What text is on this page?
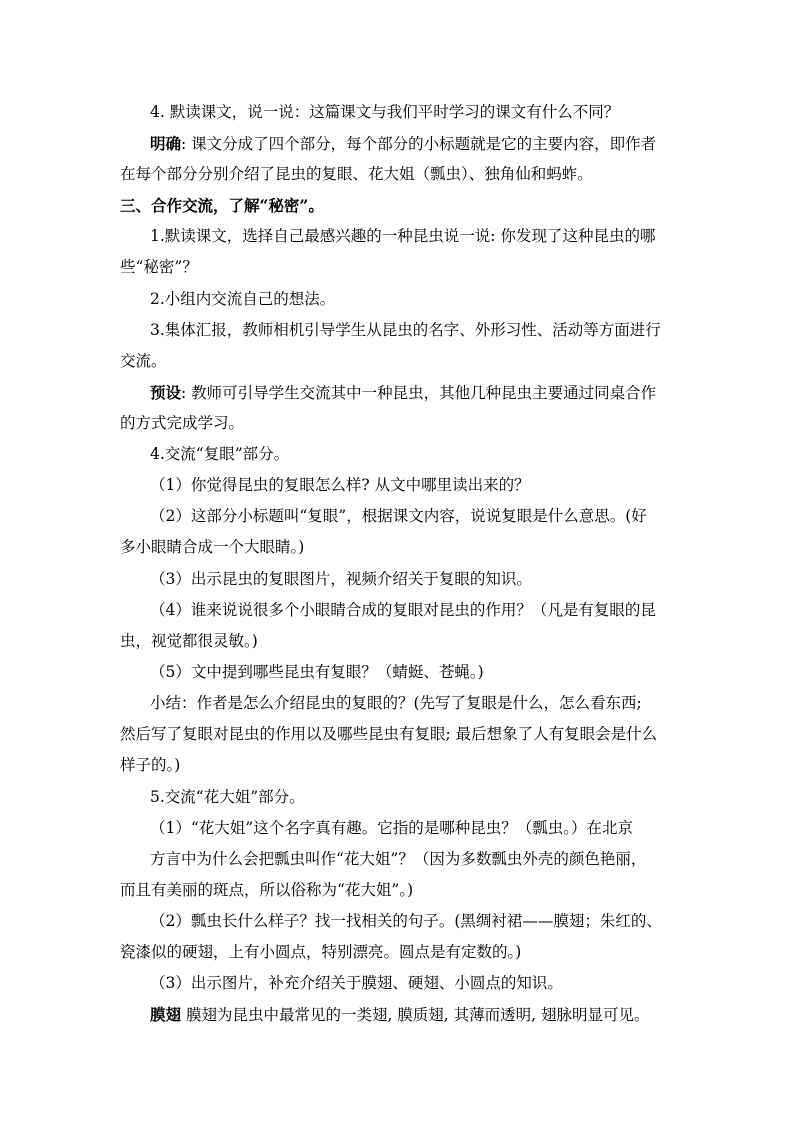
4. 默读课文，说一说：这篇课文与我们平时学习的课文有什么不同？
明确: 课文分成了四个部分，每个部分的小标题就是它的主要内容，即作者
在每个部分分别介绍了昆虫的复眼、花大姐（瓢虫）、独角仙和蚂蚱。
三、合作交流，了解“秘密”。
1.默读课文，选择自己最感兴趣的一种昆虫说一说: 你发现了这种昆虫的哪
些“秘密”？
2.小组内交流自己的想法。
3.集体汇报，教师相机引导学生从昆虫的名字、外形习性、活动等方面进行
交流。
预设: 教师可引导学生交流其中一种昆虫，其他几种昆虫主要通过同桌合作
的方式完成学习。
4.交流“复眼”部分。
（1）你觉得昆虫的复眼怎么样? 从文中哪里读出来的？
（2）这部分小标题叫“复眼”，根据课文内容，说说复眼是什么意思。(好
多小眼睛合成一个大眼睛。)
（3）出示昆虫的复眼图片，视频介绍关于复眼的知识。
（4）谁来说说很多个小眼睛合成的复眼对昆虫的作用？（凡是有复眼的昆
虫，视觉都很灵敏。)
（5）文中提到哪些昆虫有复眼？（蜻蜓、苍蝇。)
小结：作者是怎么介绍昆虫的复眼的？(先写了复眼是什么，怎么看东西;
然后写了复眼对昆虫的作用以及哪些昆虫有复眼; 最后想象了人有复眼会是什么
样子的。)
5.交流“花大姐”部分。
（1）“花大姐”这个名字真有趣。它指的是哪种昆虫？（瓢虫。）在北京
方言中为什么会把瓢虫叫作“花大姐”？（因为多数瓢虫外壳的颜色艳丽，
而且有美丽的斑点，所以俗称为“花大姐”。)
（2）瓢虫长什么样子？找一找相关的句子。(黑绸衬裙——膜翅；朱红的、
瓷漆似的硬翅，上有小圆点，特别漂亮。圆点是有定数的。)
（3）出示图片，补充介绍关于膜翅、硬翅、小圆点的知识。
膜翅 膜翅为昆虫中最常见的一类翅, 膜质翅, 其薄而透明, 翅脉明显可见。
